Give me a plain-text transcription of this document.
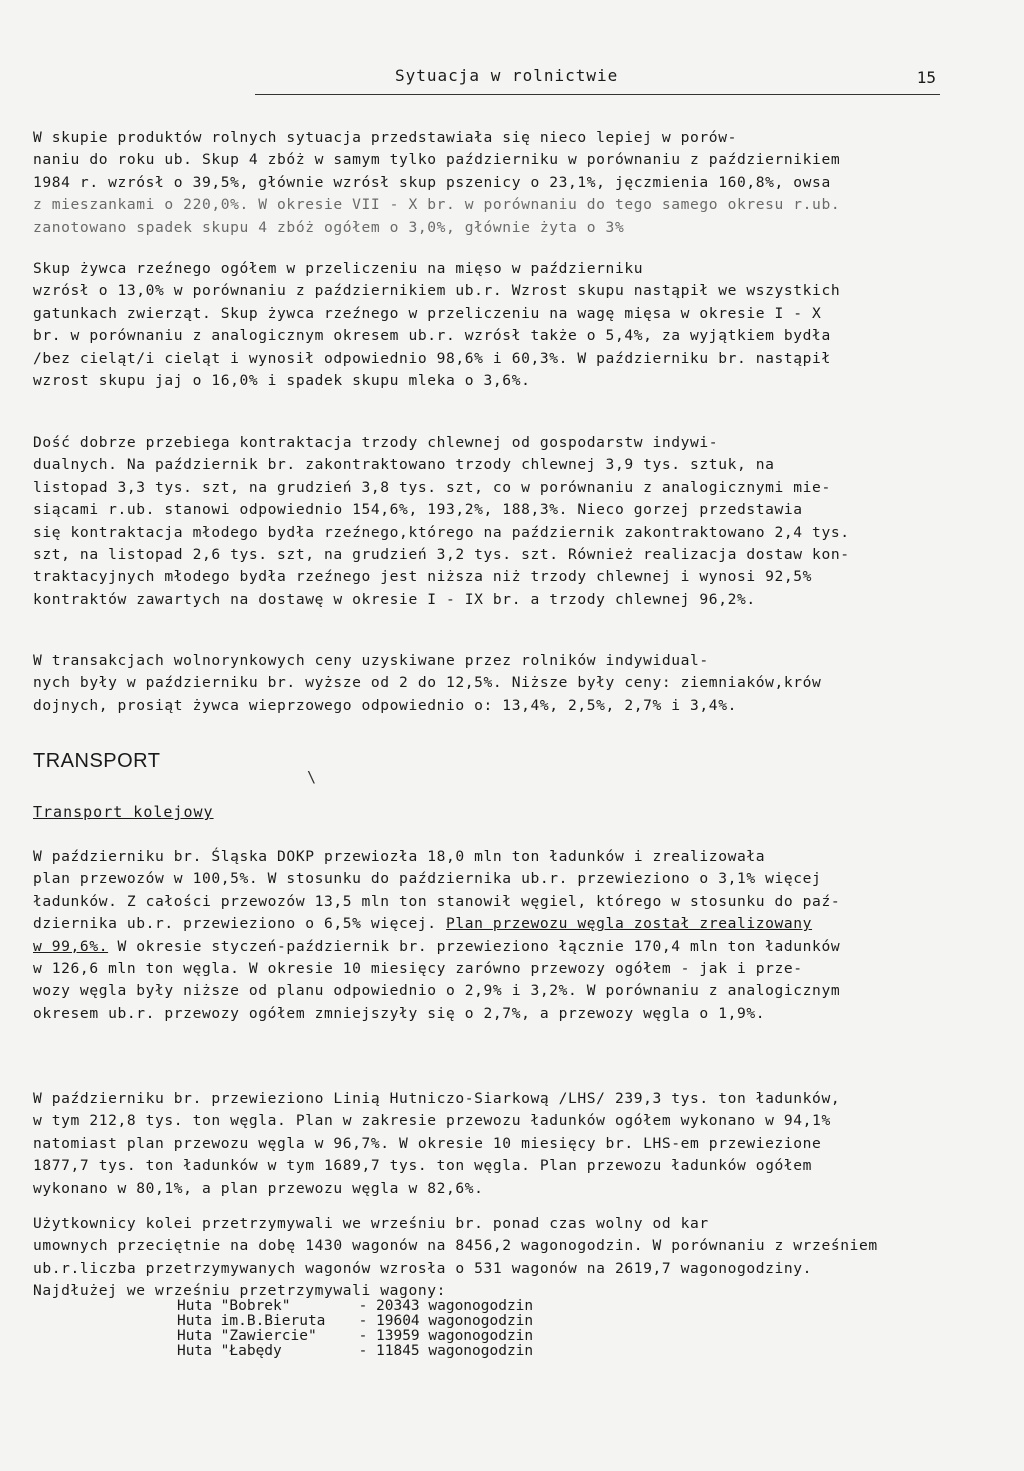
Sytuacja w rolnictwie	15
W skupie produktów rolnych sytuacja przedstawiała się nieco lepiej w porów-
naniu do roku ub. Skup 4 zbóż w samym tylko październiku w porównaniu z październikiem
1984 r. wzrósł o 39,5%, głównie wzrósł skup pszenicy o 23,1%, jęczmienia 160,8%, owsa
z mieszankami o 220,0%. W okresie VII - X br. w porównaniu do tego samego okresu r.ub.
zanotowano spadek skupu 4 zbóż ogółem o 3,0%, głównie żyta o 3%
Skup żywca rzeźnego ogółem w przeliczeniu na mięso w październiku
wzrósł o 13,0% w porównaniu z październikiem ub.r. Wzrost skupu nastąpił we wszystkich
gatunkach zwierząt. Skup żywca rzeźnego w przeliczeniu na wagę mięsa w okresie I - X
br. w porównaniu z analogicznym okresem ub.r. wzrósł także o 5,4%, za wyjątkiem bydła
/bez cieląt/i cieląt i wynosił odpowiednio 98,6% i 60,3%. W październiku br. nastąpił
wzrost skupu jaj o 16,0% i spadek skupu mleka o 3,6%.
Dość dobrze przebiega kontraktacja trzody chlewnej od gospodarstw indywi-
dualnych. Na październik br. zakontraktowano trzody chlewnej 3,9 tys. sztuk, na
listopad 3,3 tys. szt, na grudzień 3,8 tys. szt, co w porównaniu z analogicznymi mie-
siącami r.ub. stanowi odpowiednio 154,6%, 193,2%, 188,3%. Nieco gorzej przedstawia
się kontraktacja młodego bydła rzeźnego,którego na październik zakontraktowano 2,4 tys.
szt, na listopad 2,6 tys. szt, na grudzień 3,2 tys. szt. Również realizacja dostaw kon-
traktacyjnych młodego bydła rzeźnego jest niższa niż trzody chlewnej i wynosi 92,5%
kontraktów zawartych na dostawę w okresie I - IX br. a trzody chlewnej 96,2%.
W transakcjach wolnorynkowych ceny uzyskiwane przez rolników indywidual-
nych były w październiku br. wyższe od 2 do 12,5%. Niższe były ceny: ziemniaków,krów
dojnych, prosiąt żywca wieprzowego odpowiednio o: 13,4%, 2,5%, 2,7% i 3,4%.
TRANSPORT
\
Transport kolejowy
W październiku br. Śląska DOKP przewiozła 18,0 mln ton ładunków i zrealizowała
plan przewozów w 100,5%. W stosunku do października ub.r. przewieziono o 3,1% więcej
ładunków. Z całości przewozów 13,5 mln ton stanowił węgiel, którego w stosunku do paź-
dziernika ub.r. przewieziono o 6,5% więcej. Plan przewozu węgla został zrealizowany
w 99,6%. W okresie styczeń-październik br. przewieziono łącznie 170,4 mln ton ładunków
w 126,6 mln ton węgla. W okresie 10 miesięcy zarówno przewozy ogółem - jak i prze-
wozy węgla były niższe od planu odpowiednio o 2,9% i 3,2%. W porównaniu z analogicznym
okresem ub.r. przewozy ogółem zmniejszyły się o 2,7%, a przewozy węgla o 1,9%.
W październiku br. przewieziono Linią Hutniczo-Siarkową /LHS/ 239,3 tys. ton ładunków,
w tym 212,8 tys. ton węgla. Plan w zakresie przewozu ładunków ogółem wykonano w 94,1%
natomiast plan przewozu węgla w 96,7%. W okresie 10 miesięcy br. LHS-em przewiezione
1877,7 tys. ton ładunków w tym 1689,7 tys. ton węgla. Plan przewozu ładunków ogółem
wykonano w 80,1%, a plan przewozu węgla w 82,6%.
Użytkownicy kolei przetrzymywali we wrześniu br. ponad czas wolny od kar
umownych przeciętnie na dobę 1430 wagonów na 8456,2 wagonogodzin. W porównaniu z wrześniem
ub.r.liczba przetrzymywanych wagonów wzrosła o 531 wagonów na 2619,7 wagonogodziny.
Najdłużej we wrześniu przetrzymywali wagony:
Huta "Bobrek"	- 20343 wagonogodzin
Huta im.B.Bieruta	- 19604 wagonogodzin
Huta "Zawiercie"	- 13959 wagonogodzin
Huta "Łabędy	- 11845 wagonogodzin
